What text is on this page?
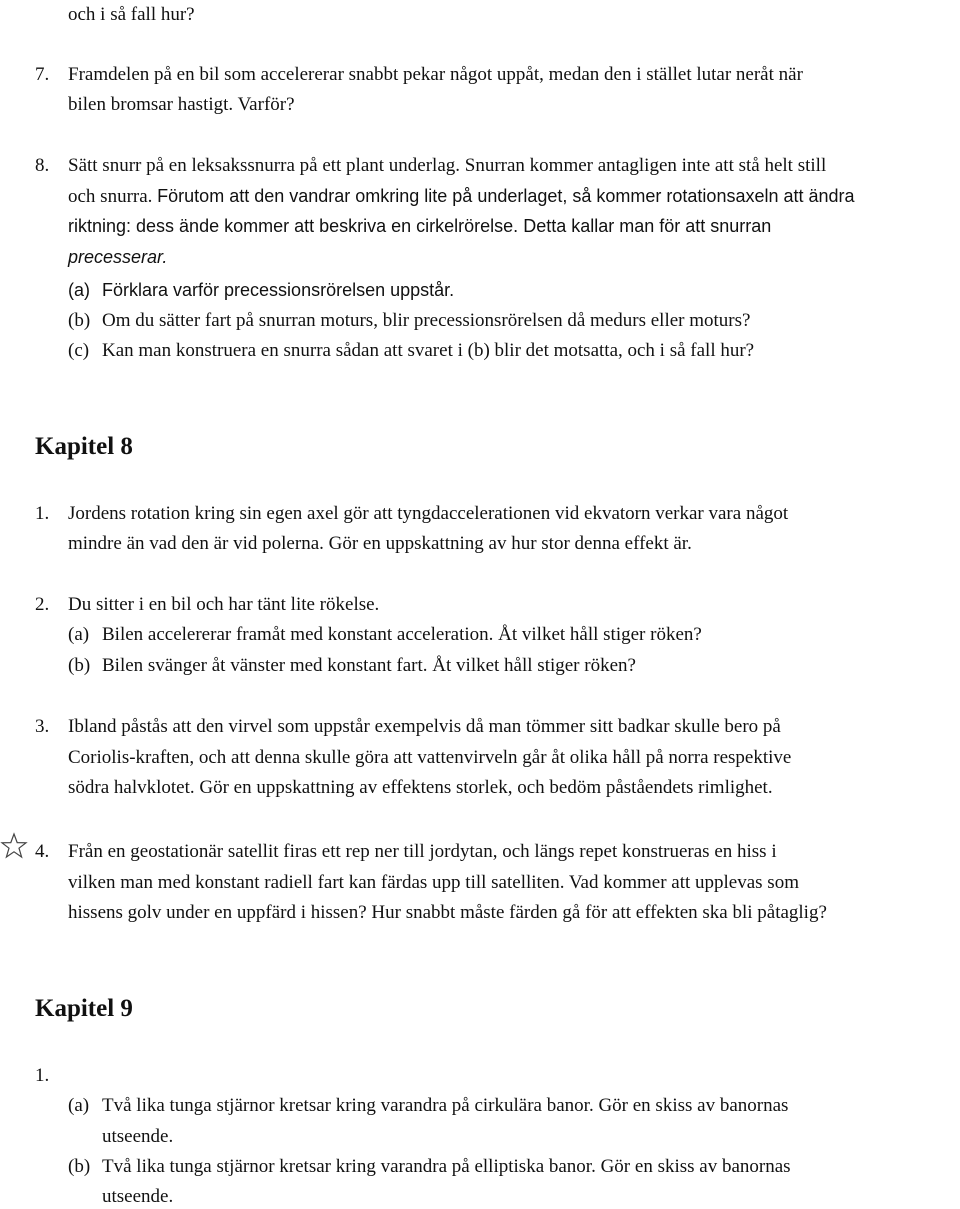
och i så fall hur?
7. Framdelen på en bil som accelererar snabbt pekar något uppåt, medan den i stället lutar neråt när
bilen bromsar hastigt. Varför?
8. Sätt snurr på en leksakssnurra på ett plant underlag. Snurran kommer antagligen inte att stå helt still
och snurra. Förutom att den vandrar omkring lite på underlaget, så kommer rotationsaxeln att ändra
riktning: dess ände kommer att beskriva en cirkelrörelse. Detta kallar man för att snurran
precesserar.
(a) Förklara varför precessionsrörelsen uppstår.
(b) Om du sätter fart på snurran moturs, blir precessionsrörelsen då medurs eller moturs?
(c) Kan man konstruera en snurra sådan att svaret i (b) blir det motsatta, och i så fall hur?
Kapitel 8
1. Jordens rotation kring sin egen axel gör att tyngdaccelerationen vid ekvatorn verkar vara något
mindre än vad den är vid polerna. Gör en uppskattning av hur stor denna effekt är.
2. Du sitter i en bil och har tänt lite rökelse.
(a) Bilen accelererar framåt med konstant acceleration. Åt vilket håll stiger röken?
(b) Bilen svänger åt vänster med konstant fart. Åt vilket håll stiger röken?
3. Ibland påstås att den virvel som uppstår exempelvis då man tömmer sitt badkar skulle bero på
Coriolis-kraften, och att denna skulle göra att vattenvirveln går åt olika håll på norra respektive
södra halvklotet. Gör en uppskattning av effektens storlek, och bedöm påståendets rimlighet.
4. Från en geostationär satellit firas ett rep ner till jordytan, och längs repet konstrueras en hiss i
vilken man med konstant radiell fart kan färdas upp till satelliten. Vad kommer att upplevas som
hissens golv under en uppfärd i hissen? Hur snabbt måste färden gå för att effekten ska bli påtaglig?
Kapitel 9
1.
(a) Två lika tunga stjärnor kretsar kring varandra på cirkulära banor. Gör en skiss av banornas
utseende.
(b) Två lika tunga stjärnor kretsar kring varandra på elliptiska banor. Gör en skiss av banornas
utseende.
